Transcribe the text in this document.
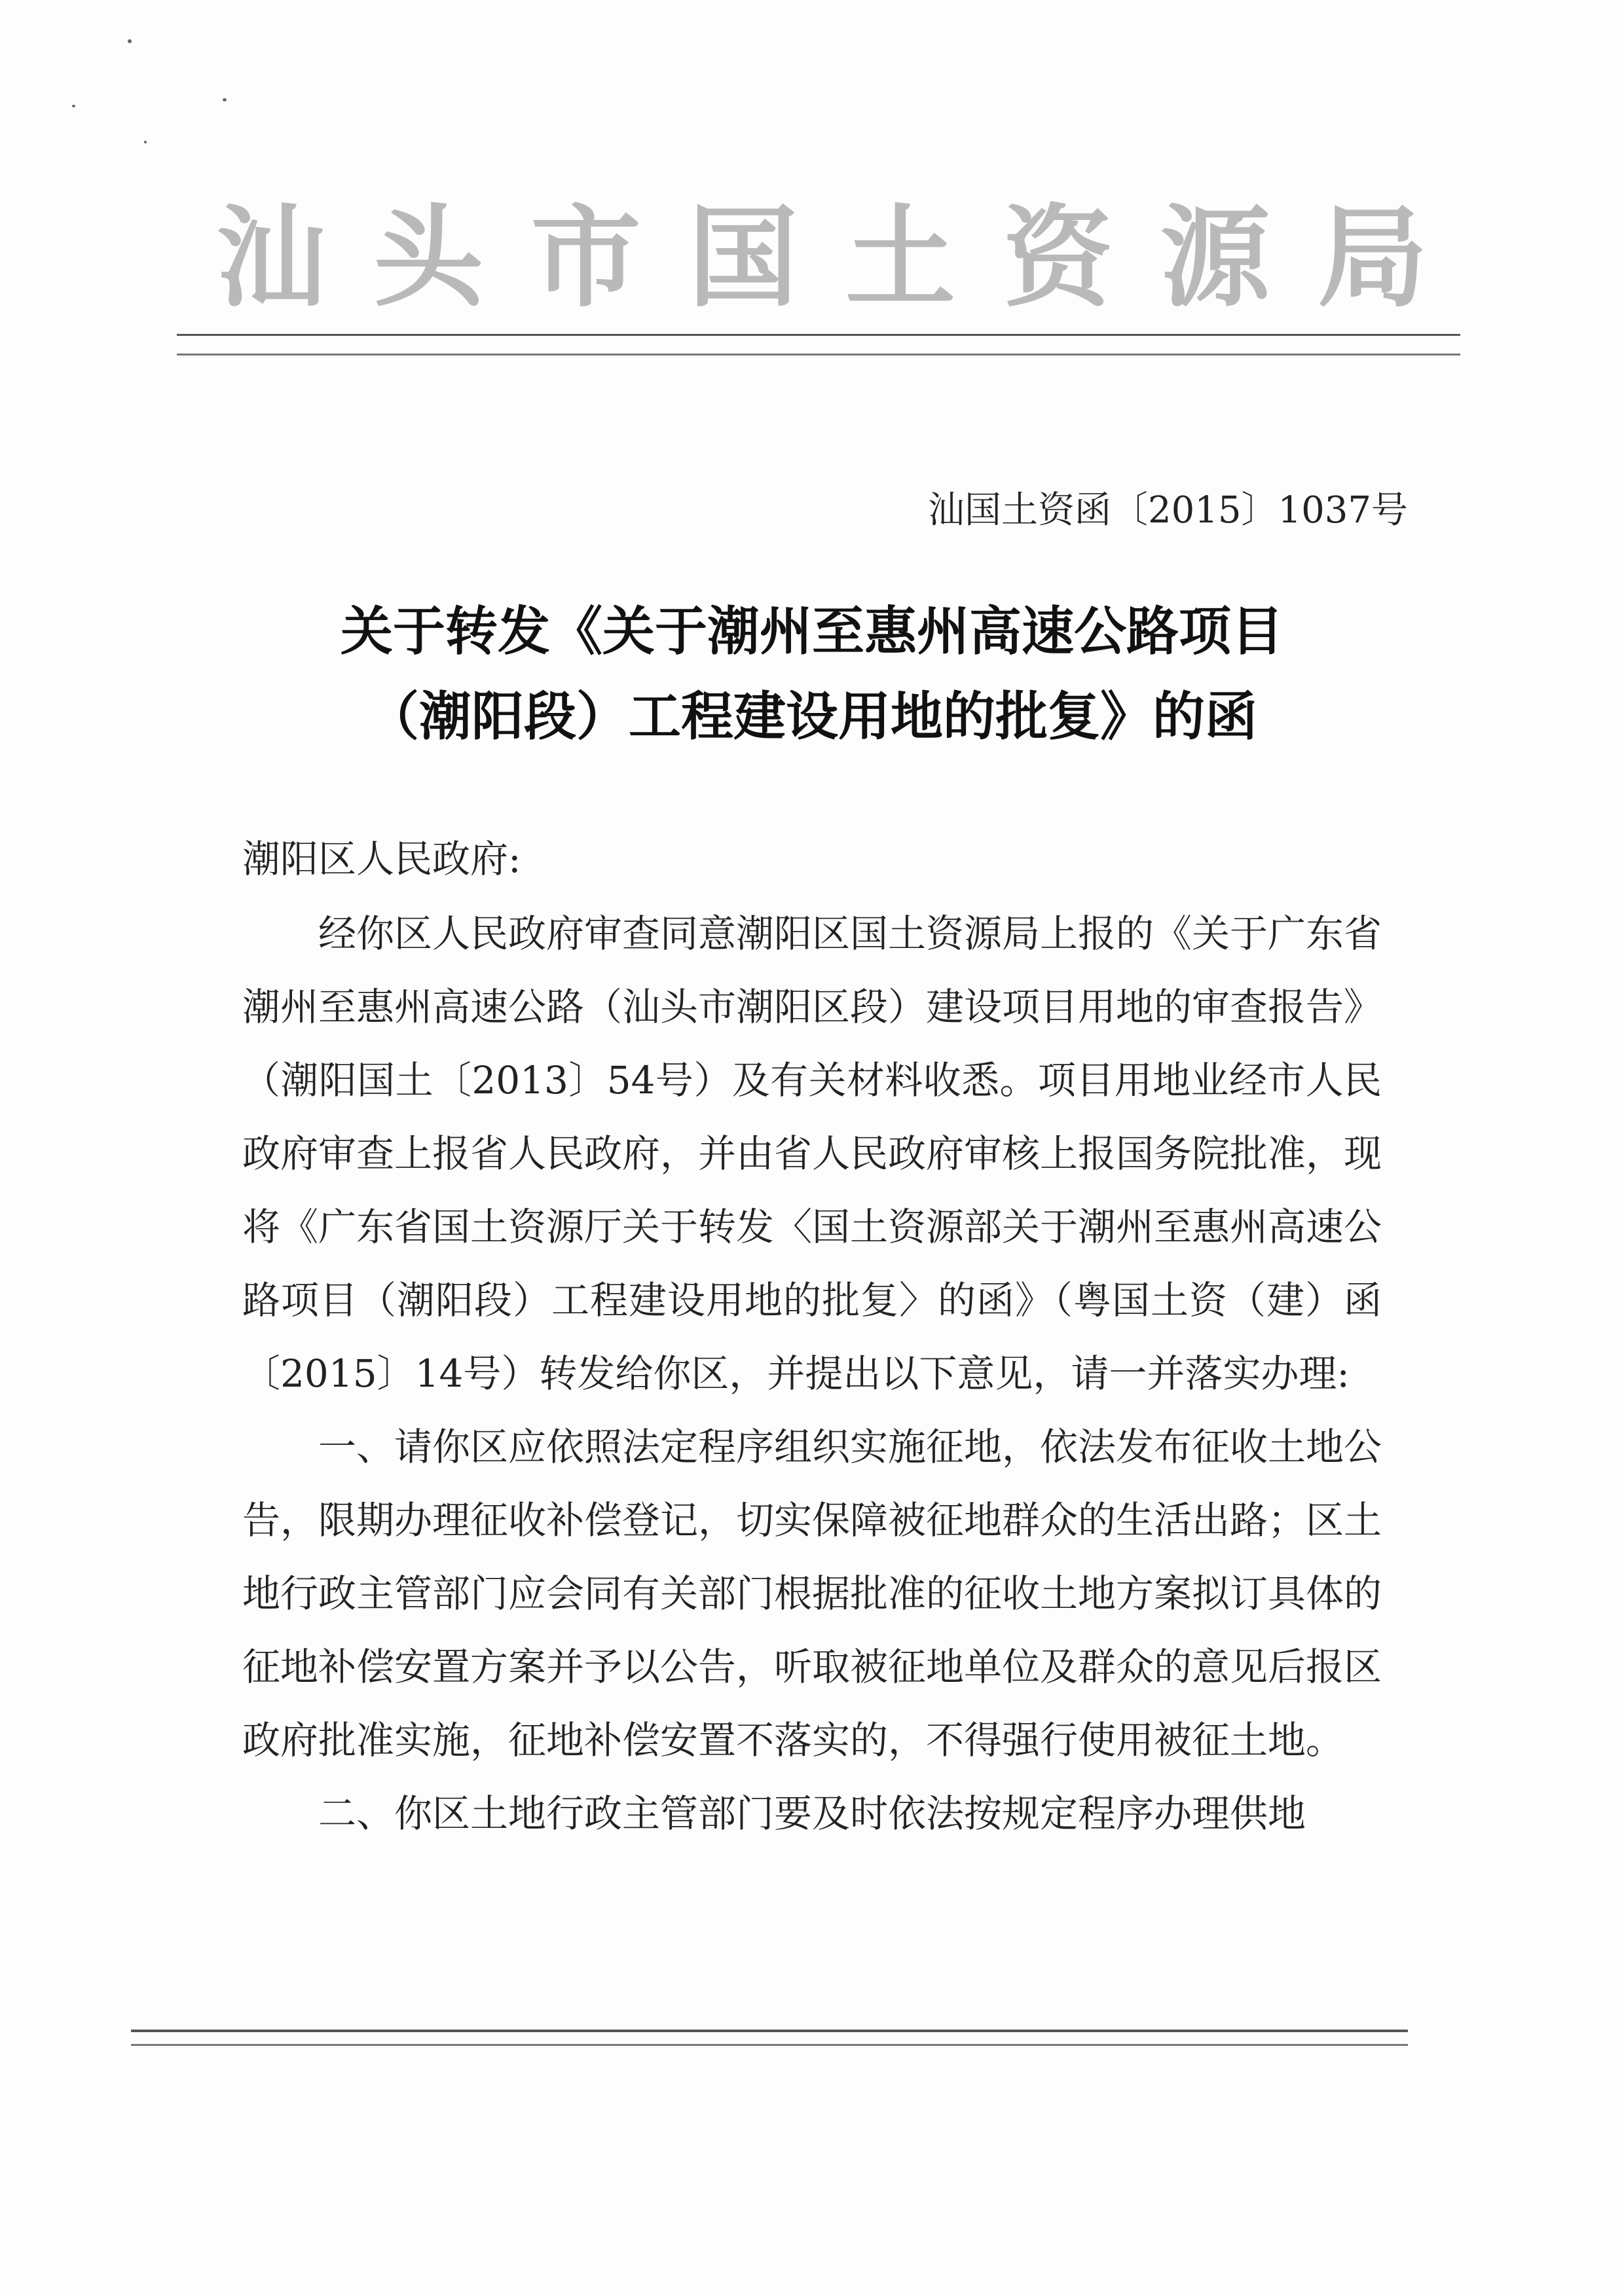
汕 头 市 国 土 资 源 局
汕国土资函〔2015〕1037号
关于转发《关于潮州至惠州高速公路项目
（潮阳段）工程建设用地的批复》的函
潮阳区人民政府:

经你区人民政府审查同意潮阳区国土资源局上报的《关于广东省潮州至惠州高速公路（汕头市潮阳区段）建设项目用地的审查报告》（潮阳国土〔2013〕54号）及有关材料收悉。项目用地业经市人民政府审查上报省人民政府，并由省人民政府审核上报国务院批准，现将《广东省国土资源厅关于转发〈国土资源部关于潮州至惠州高速公路项目（潮阳段）工程建设用地的批复〉的函》（粤国土资（建）函〔2015〕14号）转发给你区，并提出以下意见，请一并落实办理:

一、请你区应依照法定程序组织实施征地，依法发布征收土地公告，限期办理征收补偿登记，切实保障被征地群众的生活出路；区土地行政主管部门应会同有关部门根据批准的征收土地方案拟订具体的征地补偿安置方案并予以公告，听取被征地单位及群众的意见后报区政府批准实施，征地补偿安置不落实的，不得强行使用被征土地。

二、你区土地行政主管部门要及时依法按规定程序办理供地
